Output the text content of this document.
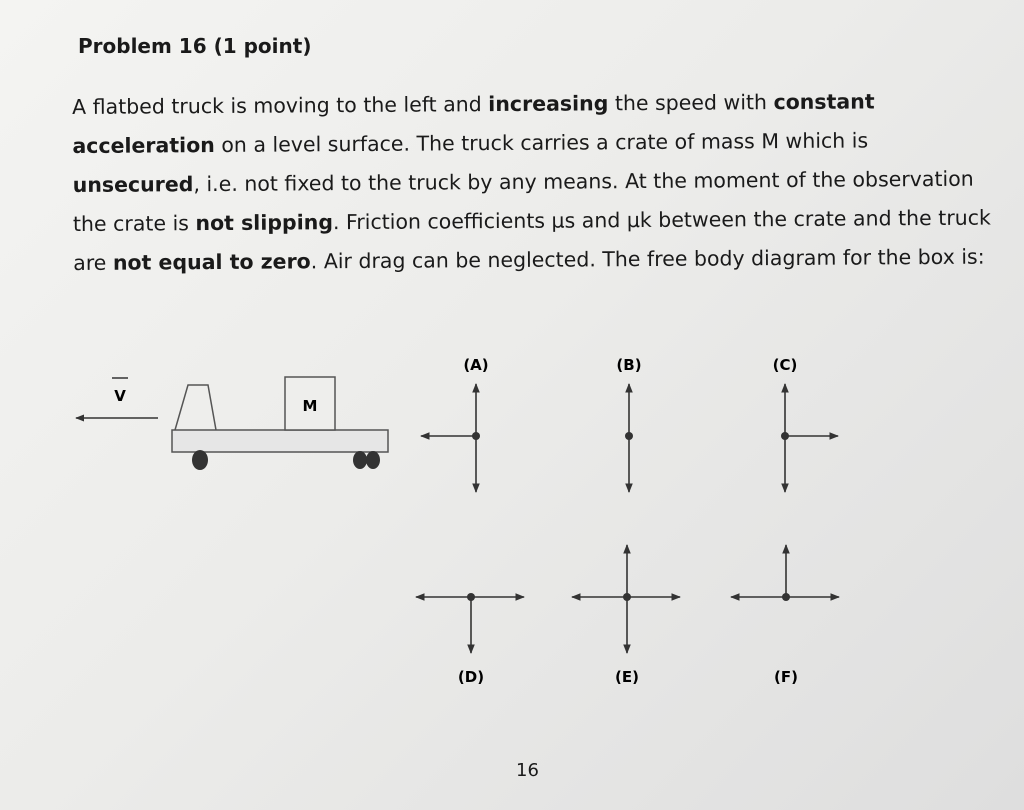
Problem 16 (1 point)

A flatbed truck is moving to the left and increasing the speed with constant acceleration on a level surface. The truck carries a crate of mass M which is unsecured, i.e. not fixed to the truck by any means. At the moment of the observation the crate is not slipping. Friction coefficients μs and μk between the crate and the truck are not equal to zero. Air drag can be neglected. The free body diagram for the box is:

V
M
(A)	(B)	(C)
(D)	(E)	(F)

16
